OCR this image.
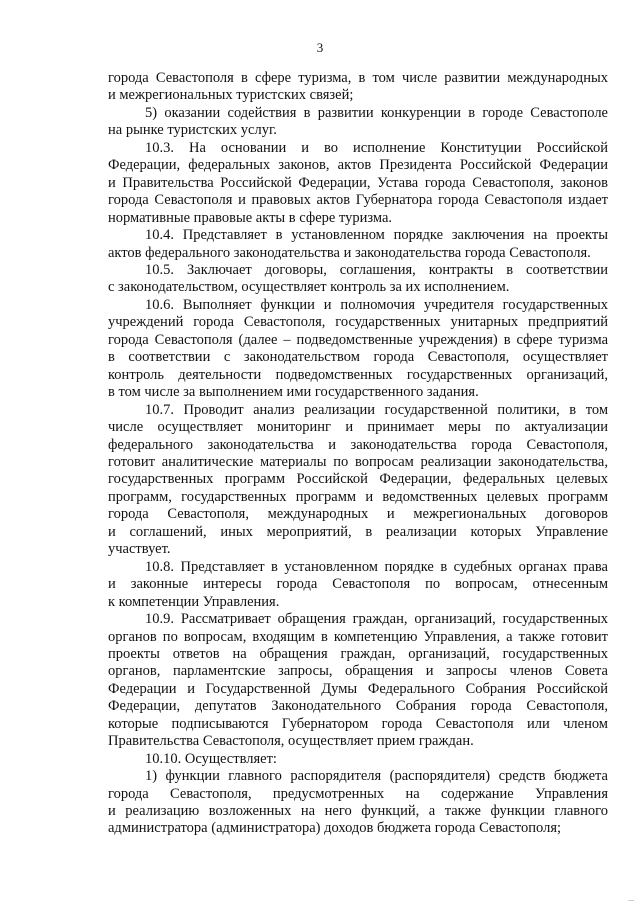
3
города Севастополя в сфере туризма, в том числе развитии международных
и межрегиональных туристских связей;
5) оказании содействия в развитии конкуренции в городе Севастополе
на рынке туристских услуг.
10.3. На основании и во исполнение Конституции Российской
Федерации, федеральных законов, актов Президента Российской Федерации
и Правительства Российской Федерации, Устава города Севастополя, законов
города Севастополя и правовых актов Губернатора города Севастополя издает
нормативные правовые акты в сфере туризма.
10.4. Представляет в установленном порядке заключения на проекты
актов федерального законодательства и законодательства города Севастополя.
10.5. Заключает договоры, соглашения, контракты в соответствии
с законодательством, осуществляет контроль за их исполнением.
10.6. Выполняет функции и полномочия учредителя государственных
учреждений города Севастополя, государственных унитарных предприятий
города Севастополя (далее – подведомственные учреждения) в сфере туризма
в соответствии с законодательством города Севастополя, осуществляет
контроль деятельности подведомственных государственных организаций,
в том числе за выполнением ими государственного задания.
10.7. Проводит анализ реализации государственной политики, в том
числе осуществляет мониторинг и принимает меры по актуализации
федерального законодательства и законодательства города Севастополя,
готовит аналитические материалы по вопросам реализации законодательства,
государственных программ Российской Федерации, федеральных целевых
программ, государственных программ и ведомственных целевых программ
города Севастополя, международных и межрегиональных договоров
и соглашений, иных мероприятий, в реализации которых Управление
участвует.
10.8. Представляет в установленном порядке в судебных органах права
и законные интересы города Севастополя по вопросам, отнесенным
к компетенции Управления.
10.9. Рассматривает обращения граждан, организаций, государственных
органов по вопросам, входящим в компетенцию Управления, а также готовит
проекты ответов на обращения граждан, организаций, государственных
органов, парламентские запросы, обращения и запросы членов Совета
Федерации и Государственной Думы Федерального Собрания Российской
Федерации, депутатов Законодательного Собрания города Севастополя,
которые подписываются Губернатором города Севастополя или членом
Правительства Севастополя, осуществляет прием граждан.
10.10. Осуществляет:
1) функции главного распорядителя (распорядителя) средств бюджета
города Севастополя, предусмотренных на содержание Управления
и реализацию возложенных на него функций, а также функции главного
администратора (администратора) доходов бюджета города Севастополя;
